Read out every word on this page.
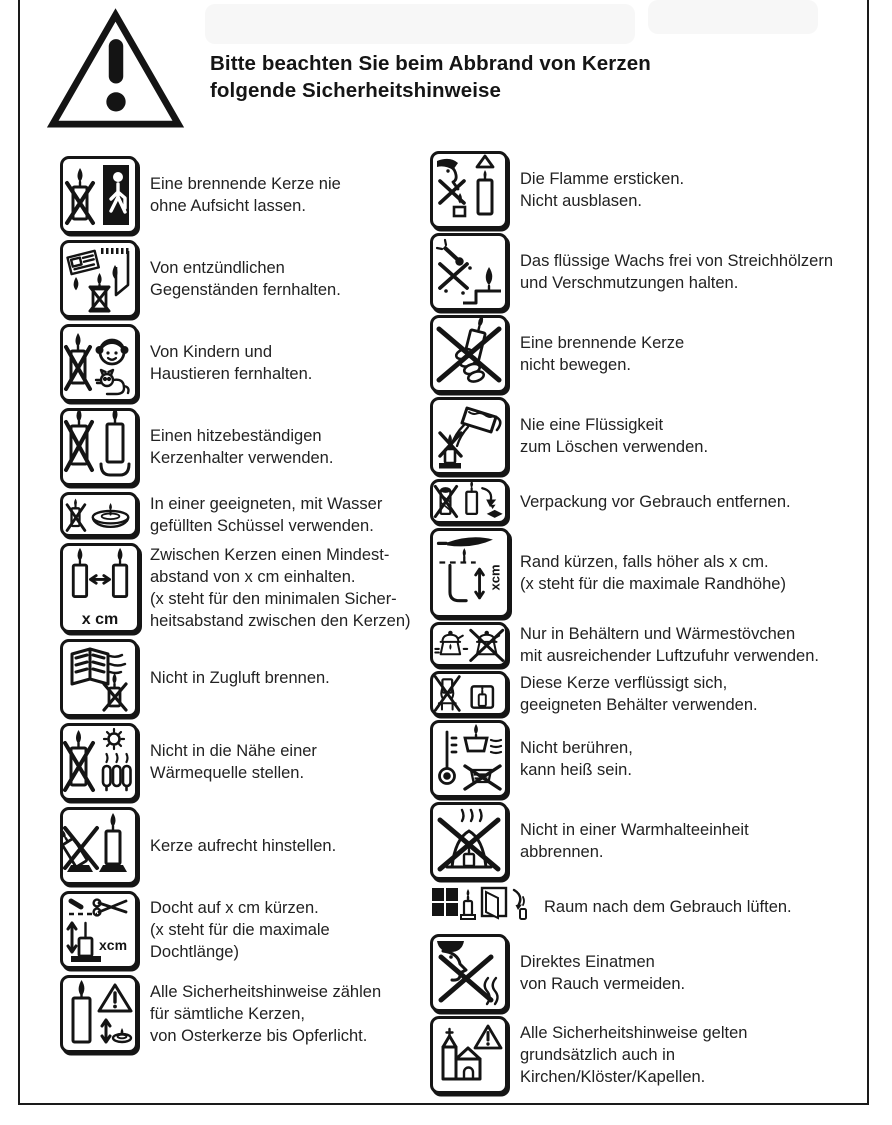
Bitte beachten Sie beim Abbrand von Kerzen
folgende Sicherheitshinweise
Eine brennende Kerze nie
ohne Aufsicht lassen.
Von entzündlichen
Gegenständen fernhalten.
Von Kindern und
Haustieren fernhalten.
Einen hitzebeständigen
Kerzenhalter verwenden.
In einer geeigneten, mit Wasser
gefüllten Schüssel verwenden.
x cm
Zwischen Kerzen einen Mindest-
abstand von x cm einhalten.
(x steht für den minimalen Sicher-
heitsabstand zwischen den Kerzen)
Nicht in Zugluft brennen.
Nicht in die Nähe einer
Wärmequelle stellen.
Kerze aufrecht hinstellen.
xcm
Docht auf x cm kürzen.
(x steht für die maximale
Dochtlänge)
Alle Sicherheitshinweise zählen
für sämtliche Kerzen,
von Osterkerze bis Opferlicht.
Die Flamme ersticken.
Nicht ausblasen.
Das flüssige Wachs frei von Streichhölzern
und Verschmutzungen halten.
Eine brennende Kerze
nicht bewegen.
Nie eine Flüssigkeit
zum Löschen verwenden.
Verpackung vor Gebrauch entfernen.
xcm
Rand kürzen, falls höher als x cm.
(x steht für die maximale Randhöhe)
Nur in Behältern und Wärmestövchen
mit ausreichender Luftzufuhr verwenden.
Diese Kerze verflüssigt sich,
geeigneten Behälter verwenden.
Nicht berühren,
kann heiß sein.
Nicht in einer Warmhalteeinheit
abbrennen.
Raum nach dem Gebrauch lüften.
Direktes Einatmen
von Rauch vermeiden.
Alle Sicherheitshinweise gelten
grundsätzlich auch in
Kirchen/Klöster/Kapellen.
